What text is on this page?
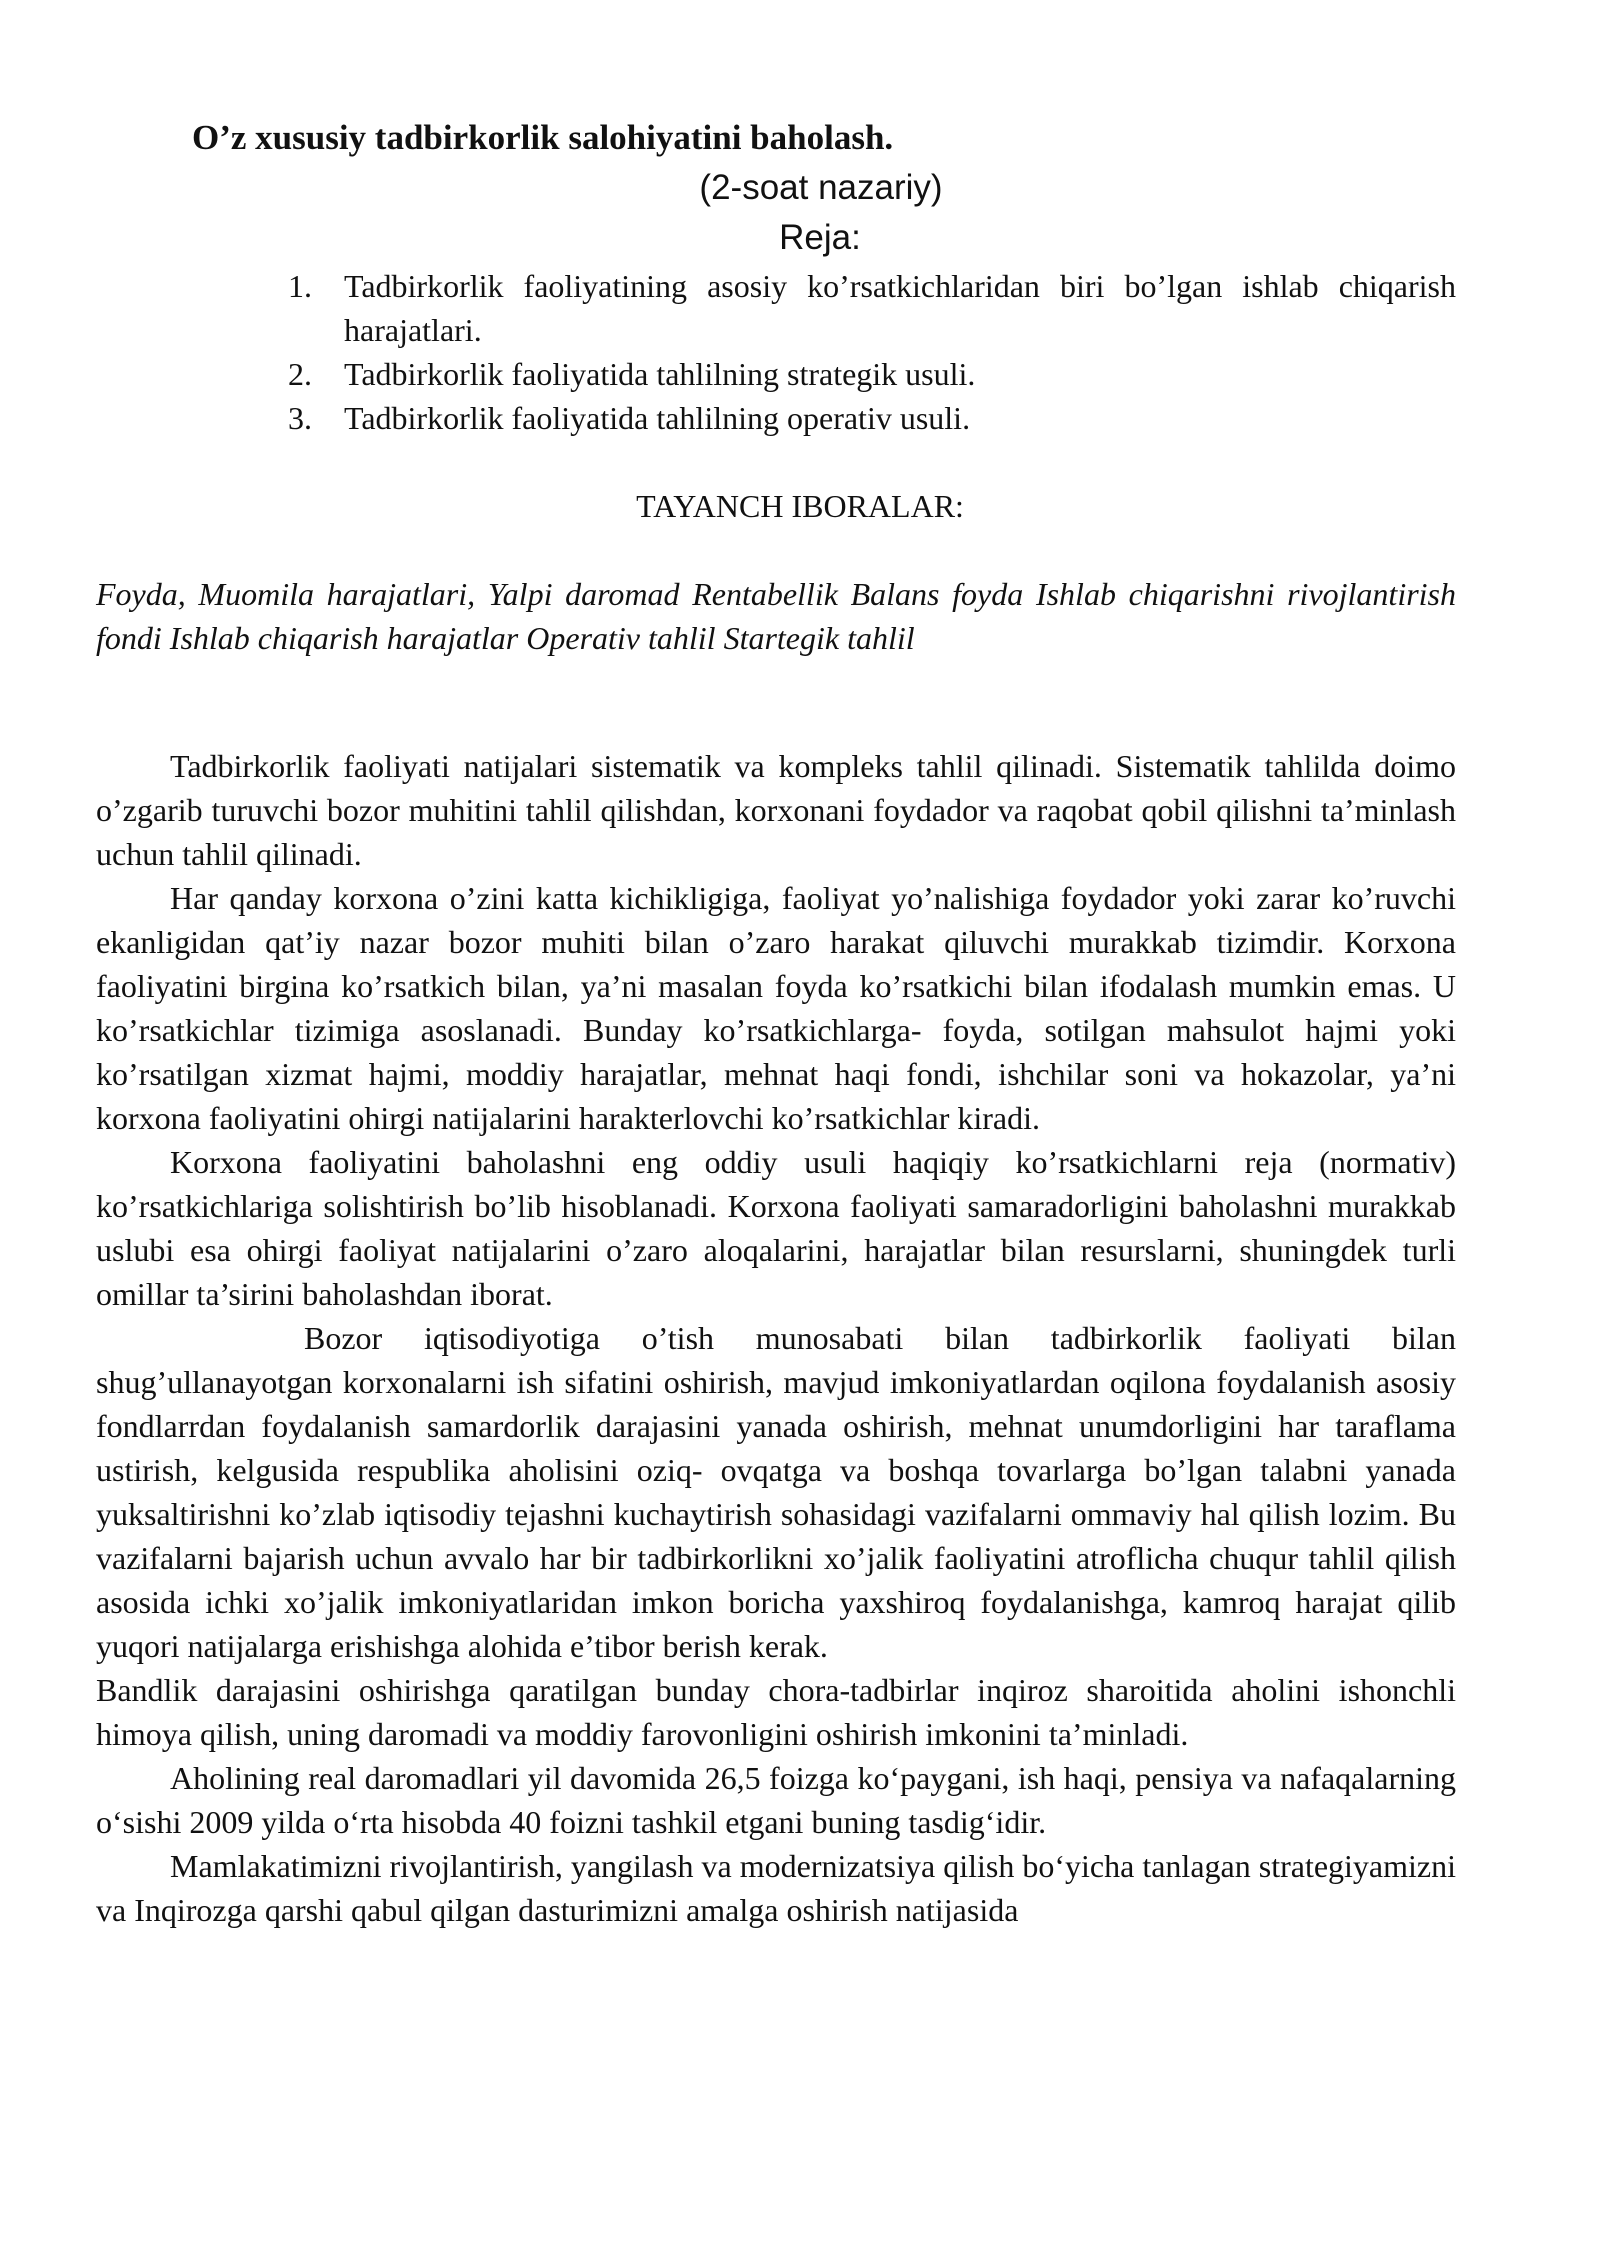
O’z xususiy tadbirkorlik salohiyatini baholash.
(2-soat nazariy)
Reja:
1. Tadbirkorlik faoliyatining asosiy ko’rsatkichlaridan biri bo’lgan ishlab chiqarish harajatlari.
2. Tadbirkorlik faoliyatida tahlilning strategik usuli.
3. Tadbirkorlik faoliyatida tahlilning operativ usuli.
TAYANCH IBORALAR:

Foyda, Muomila harajatlari, Yalpi daromad Rentabellik Balans foyda Ishlab chiqarishni rivojlantirish fondi Ishlab chiqarish harajatlar Operativ tahlil Startegik tahlil

Tadbirkorlik faoliyati natijalari sistematik va kompleks tahlil qilinadi. Sistematik tahlilda doimo o’zgarib turuvchi bozor muhitini tahlil qilishdan, korxonani foydador va raqobat qobil qilishni ta’minlash uchun tahlil qilinadi.

Har qanday korxona o’zini katta kichikligiga, faoliyat yo’nalishiga foydador yoki zarar ko’ruvchi ekanligidan qat’iy nazar bozor muhiti bilan o’zaro harakat qiluvchi murakkab tizimdir. Korxona faoliyatini birgina ko’rsatkich bilan, ya’ni masalan foyda ko’rsatkichi bilan ifodalash mumkin emas. U ko’rsatkichlar tizimiga asoslanadi. Bunday ko’rsatkichlarga- foyda, sotilgan mahsulot hajmi yoki ko’rsatilgan xizmat hajmi, moddiy harajatlar, mehnat haqi fondi, ishchilar soni va hokazolar, ya’ni korxona faoliyatini ohirgi natijalarini harakterlovchi ko’rsatkichlar kiradi.

Korxona faoliyatini baholashni eng oddiy usuli haqiqiy ko’rsatkichlarni reja (normativ) ko’rsatkichlariga solishtirish bo’lib hisoblanadi. Korxona faoliyati samaradorligini baholashni murakkab uslubi esa ohirgi faoliyat natijalarini o’zaro aloqalarini, harajatlar bilan resurslarni, shuningdek turli omillar ta’sirini baholashdan iborat.

Bozor iqtisodiyotiga o’tish munosabati bilan tadbirkorlik faoliyati bilan shug’ullanayotgan korxonalarni ish sifatini oshirish, mavjud imkoniyatlardan oqilona foydalanish asosiy fondlarrdan foydalanish samardorlik darajasini yanada oshirish, mehnat unumdorligini har taraflama ustirish, kelgusida respublika aholisini oziq- ovqatga va boshqa tovarlarga bo’lgan talabni yanada yuksaltirishni ko’zlab iqtisodiy tejashni kuchaytirish sohasidagi vazifalarni ommaviy hal qilish lozim. Bu vazifalarni bajarish uchun avvalo har bir tadbirkorlikni xo’jalik faoliyatini atroflicha chuqur tahlil qilish asosida ichki xo’jalik imkoniyatlaridan imkon boricha yaxshiroq foydalanishga, kamroq harajat qilib yuqori natijalarga erishishga alohida e’tibor berish kerak.

Bandlik darajasini oshirishga qaratilgan bunday chora-tadbirlar inqiroz sharoitida aholini ishonchli himoya qilish, uning daromadi va moddiy farovonligini oshirish imkonini ta’minladi.

Aholining real daromadlari yil davomida 26,5 foizga ko‘paygani, ish haqi, pensiya va nafaqalarning o‘sishi 2009 yilda o‘rta hisobda 40 foizni tashkil etgani buning tasdig‘idir.

Mamlakatimizni rivojlantirish, yangilash va modernizatsiya qilish bo‘yicha tanlagan strategiyamizni va Inqirozga qarshi qabul qilgan dasturimizni amalga oshirish natijasida
